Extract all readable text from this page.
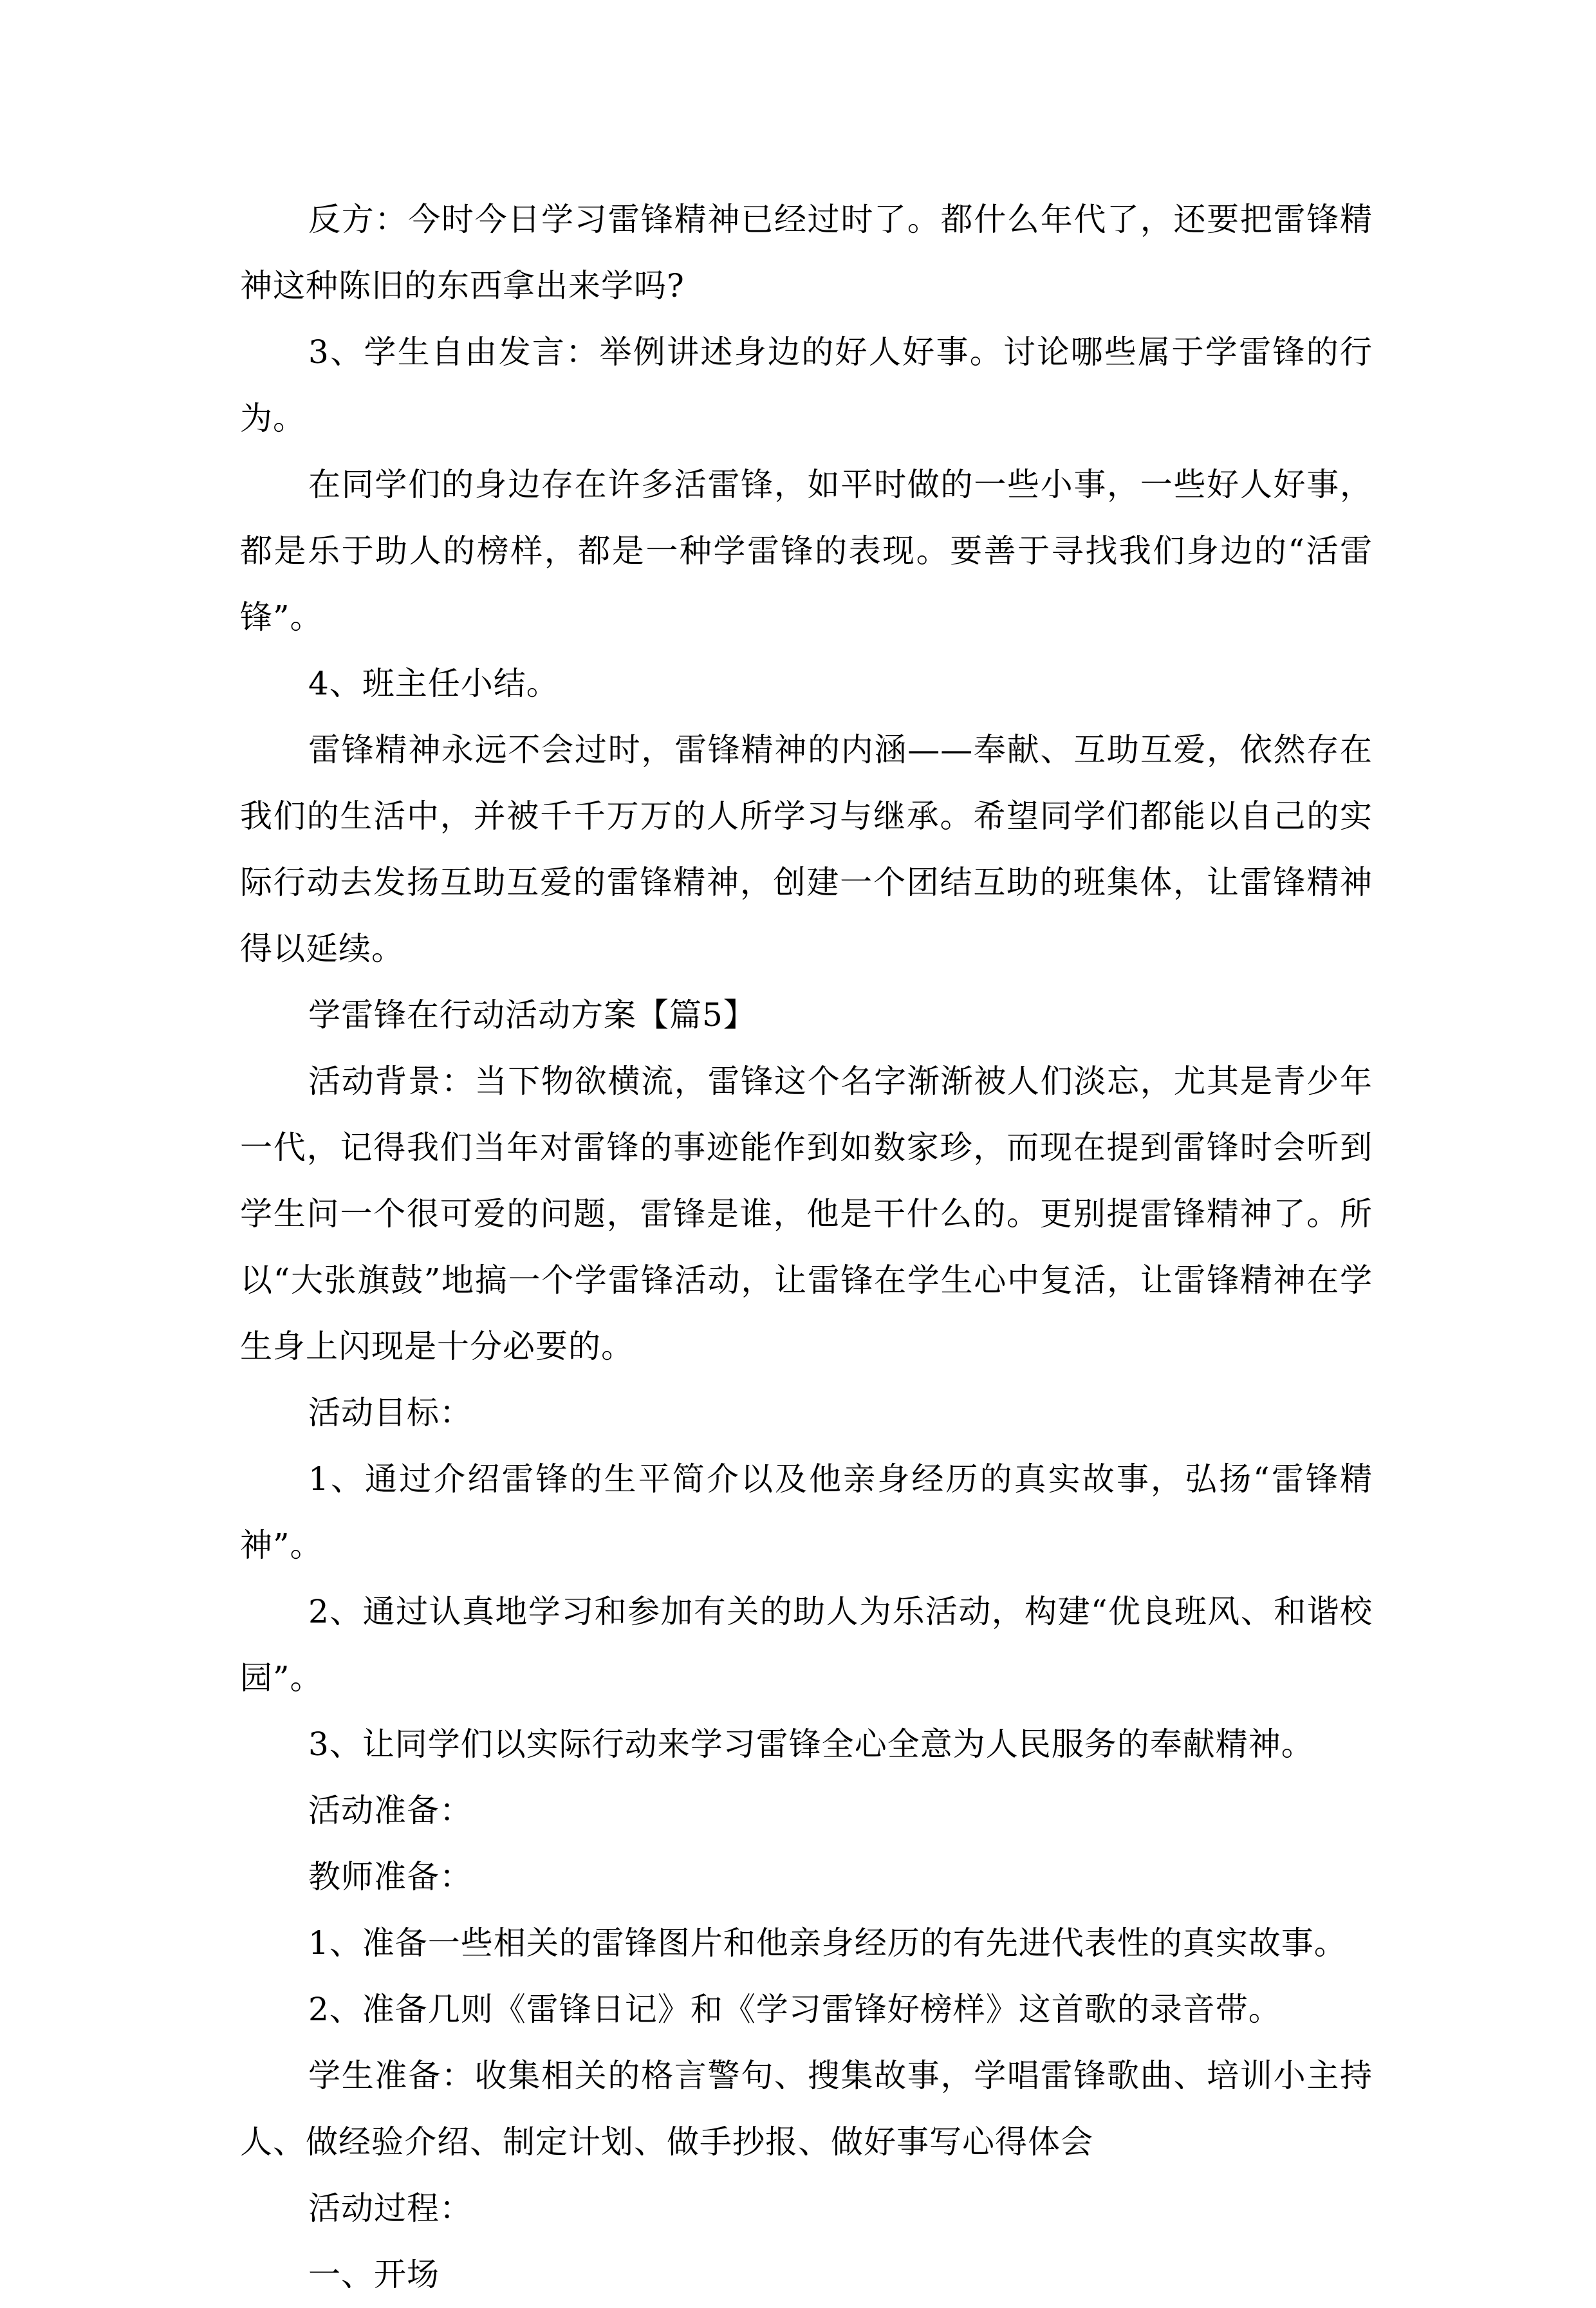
反方：今时今日学习雷锋精神已经过时了。都什么年代了，还要把雷锋精神这种陈旧的东西拿出来学吗?

3、学生自由发言：举例讲述身边的好人好事。讨论哪些属于学雷锋的行为。

在同学们的身边存在许多活雷锋，如平时做的一些小事，一些好人好事，都是乐于助人的榜样，都是一种学雷锋的表现。要善于寻找我们身边的“活雷锋”。

4、班主任小结。

雷锋精神永远不会过时，雷锋精神的内涵——奉献、互助互爱，依然存在我们的生活中，并被千千万万的人所学习与继承。希望同学们都能以自己的实际行动去发扬互助互爱的雷锋精神，创建一个团结互助的班集体，让雷锋精神得以延续。

学雷锋在行动活动方案【篇5】

活动背景：当下物欲横流，雷锋这个名字渐渐被人们淡忘，尤其是青少年一代，记得我们当年对雷锋的事迹能作到如数家珍，而现在提到雷锋时会听到学生问一个很可爱的问题，雷锋是谁，他是干什么的。更别提雷锋精神了。所以“大张旗鼓”地搞一个学雷锋活动，让雷锋在学生心中复活，让雷锋精神在学生身上闪现是十分必要的。

活动目标：

1、通过介绍雷锋的生平简介以及他亲身经历的真实故事，弘扬“雷锋精神”。

2、通过认真地学习和参加有关的助人为乐活动，构建“优良班风、和谐校园”。

3、让同学们以实际行动来学习雷锋全心全意为人民服务的奉献精神。

活动准备：

教师准备：

1、准备一些相关的雷锋图片和他亲身经历的有先进代表性的真实故事。

2、准备几则《雷锋日记》和《学习雷锋好榜样》这首歌的录音带。

学生准备：收集相关的格言警句、搜集故事，学唱雷锋歌曲、培训小主持人、做经验介绍、制定计划、做手抄报、做好事写心得体会

活动过程：

一、开场
